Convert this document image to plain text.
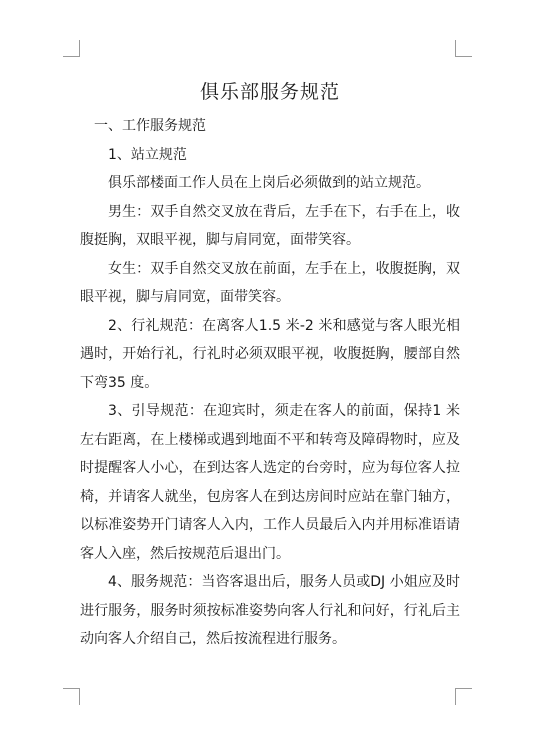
俱乐部服务规范

一、工作服务规范

1、站立规范

俱乐部楼面工作人员在上岗后必须做到的站立规范。

男生：双手自然交叉放在背后，左手在下，右手在上，收腹挺胸，双眼平视，脚与肩同宽，面带笑容。

女生：双手自然交叉放在前面，左手在上，收腹挺胸，双眼平视，脚与肩同宽，面带笑容。

2、行礼规范：在离客人1.5 米-2 米和感觉与客人眼光相遇时，开始行礼，行礼时必须双眼平视，收腹挺胸，腰部自然下弯35 度。

3、引导规范：在迎宾时，须走在客人的前面，保持1 米左右距离，在上楼梯或遇到地面不平和转弯及障碍物时，应及时提醒客人小心，在到达客人选定的台旁时，应为每位客人拉椅，并请客人就坐，包房客人在到达房间时应站在靠门轴方，以标准姿势开门请客人入内，工作人员最后入内并用标准语请客人入座，然后按规范后退出门。

4、服务规范：当咨客退出后，服务人员或DJ 小姐应及时进行服务，服务时须按标准姿势向客人行礼和问好，行礼后主动向客人介绍自己，然后按流程进行服务。
